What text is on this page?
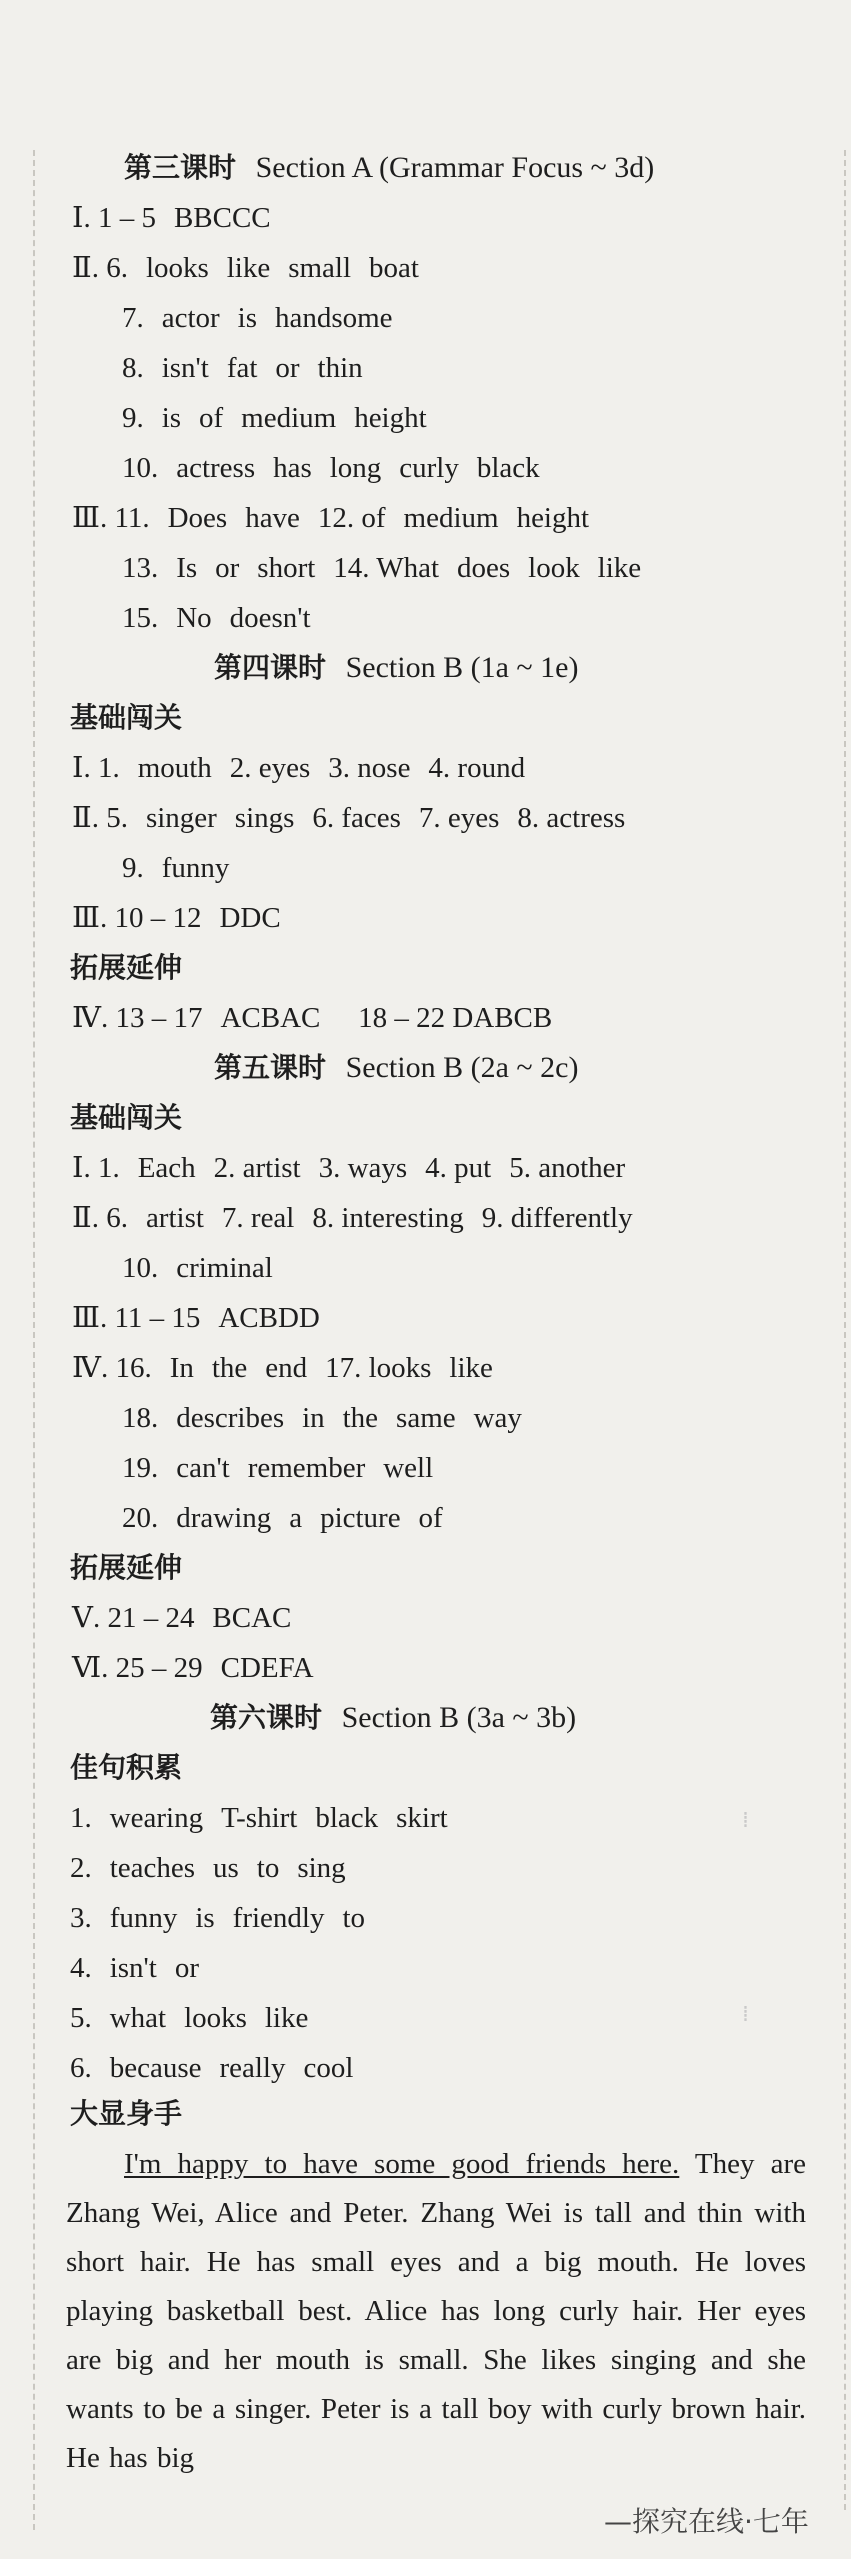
第三课时 Section A (Grammar Focus ~ 3d)
Ⅰ. 1 – 5 BBCCC
Ⅱ. 6. looks like small boat
7. actor is handsome
8. isn't fat or thin
9. is of medium height
10. actress has long curly black
Ⅲ. 11. Does have 12. of medium height
13. Is or short 14. What does look like
15. No doesn't
第四课时 Section B (1a ~ 1e)
基础闯关
Ⅰ. 1. mouth 2. eyes 3. nose 4. round
Ⅱ. 5. singer sings 6. faces 7. eyes 8. actress
9. funny
Ⅲ. 10 – 12 DDC
拓展延伸
Ⅳ. 13 – 17 ACBAC 18 – 22 DABCB
第五课时 Section B (2a ~ 2c)
基础闯关
Ⅰ. 1. Each 2. artist 3. ways 4. put 5. another
Ⅱ. 6. artist 7. real 8. interesting 9. differently
10. criminal
Ⅲ. 11 – 15 ACBDD
Ⅳ. 16. In the end 17. looks like
18. describes in the same way
19. can't remember well
20. drawing a picture of
拓展延伸
Ⅴ. 21 – 24 BCAC
Ⅵ. 25 – 29 CDEFA
第六课时 Section B (3a ~ 3b)
佳句积累
1. wearing T-shirt black skirt
2. teaches us to sing
3. funny is friendly to
4. isn't or
5. what looks like
6. because really cool
大显身手
I'm happy to have some good friends here. They are Zhang Wei, Alice and Peter. Zhang Wei is tall and thin with short hair. He has small eyes and a big mouth. He loves playing basketball best. Alice has long curly hair. Her eyes are big and her mouth is small. She likes singing and she wants to be a singer. Peter is a tall boy with curly brown hair. He has big
⁞
⁞
—探究在线·七年
